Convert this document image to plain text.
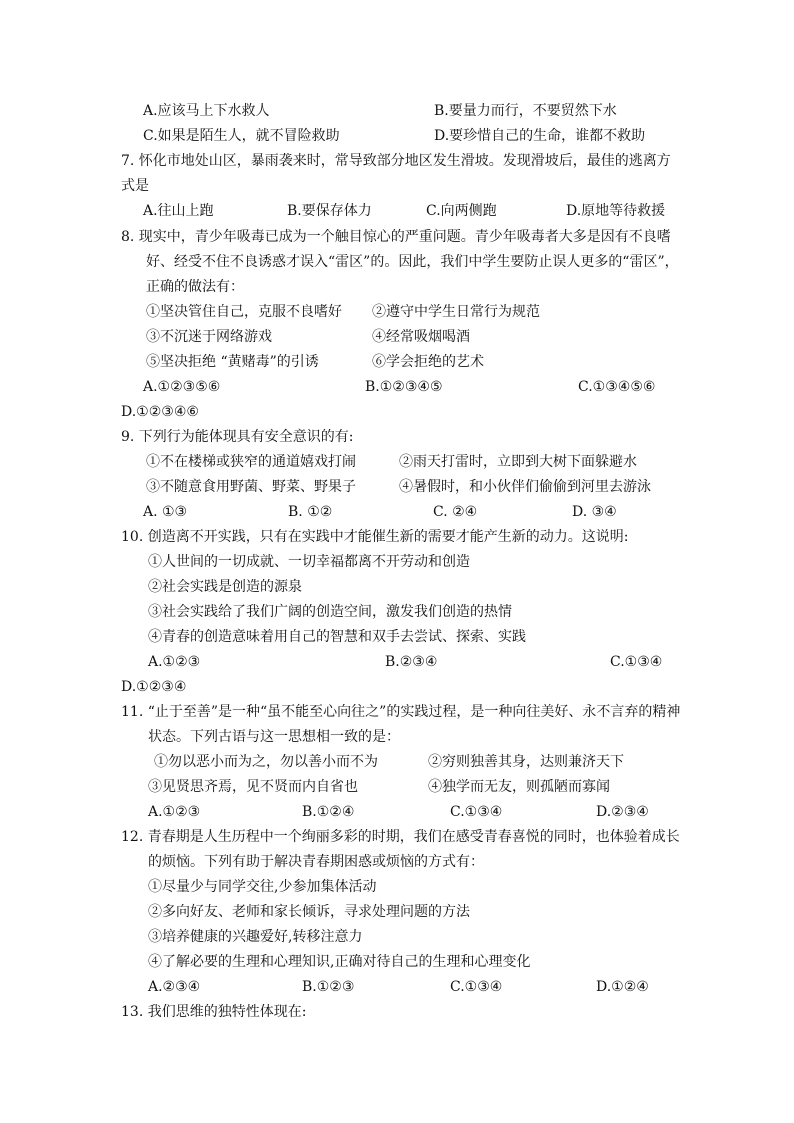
A.应该马上下水救人	B.要量力而行，不要贸然下水
C.如果是陌生人，就不冒险救助	D.要珍惜自己的生命，谁都不救助
7. 怀化市地处山区，暴雨袭来时，常导致部分地区发生滑坡。发现滑坡后，最佳的逃离方
式是
A.往山上跑	B.要保存体力	C.向两侧跑	D.原地等待救援
8. 现实中，青少年吸毒已成为一个触目惊心的严重问题。青少年吸毒者大多是因有不良嗜
好、经受不住不良诱惑才误入“雷区”的。因此，我们中学生要防止误人更多的“雷区”，
正确的做法有：
①坚决管住自己，克服不良嗜好 ②遵守中学生日常行为规范
③不沉迷于网络游戏	④经常吸烟喝酒
⑤坚决拒绝 “黄赌毒”的引诱	⑥学会拒绝的艺术
A.①②③⑤⑥	B.①②③④⑤	C.①③④⑤⑥
D.①②③④⑥
9. 下列行为能体现具有安全意识的有:
①不在楼梯或狭窄的通道嬉戏打闹	②雨天打雷时，立即到大树下面躲避水
③不随意食用野菌、野菜、野果子	④暑假时，和小伙伴们偷偷到河里去游泳
A. ①③	B. ①②	C. ②④	D. ③④
10. 创造离不开实践，只有在实践中才能催生新的需要才能产生新的动力。这说明:
①人世间的一切成就、一切幸福都离不开劳动和创造
②社会实践是创造的源泉
③社会实践给了我们广阔的创造空间，激发我们创造的热情
④青春的创造意味着用自己的智慧和双手去尝试、探索、实践
A.①②③	B.②③④	C.①③④
D.①②③④
11. “止于至善”是一种“虽不能至心向往之”的实践过程，是一种向往美好、永不言弃的精神
状态。下列古语与这一思想相一致的是：
①勿以恶小而为之，勿以善小而不为	②穷则独善其身，达则兼济天下
③见贤思齐焉，见不贤而内自省也	④独学而无友，则孤陋而寡闻
A.①②③	B.①②④	C.①③④	D.②③④
12. 青春期是人生历程中一个绚丽多彩的时期，我们在感受青春喜悦的同时，也体验着成长
的烦恼。下列有助于解决青春期困惑或烦恼的方式有：
①尽量少与同学交往,少参加集体活动
②多向好友、老师和家长倾诉，寻求处理问题的方法
③培养健康的兴趣爱好,转移注意力
④了解必要的生理和心理知识,正确对待自己的生理和心理变化
A.②③④	B.①②③	C.①③④	D.①②④
13. 我们思维的独特性体现在:
